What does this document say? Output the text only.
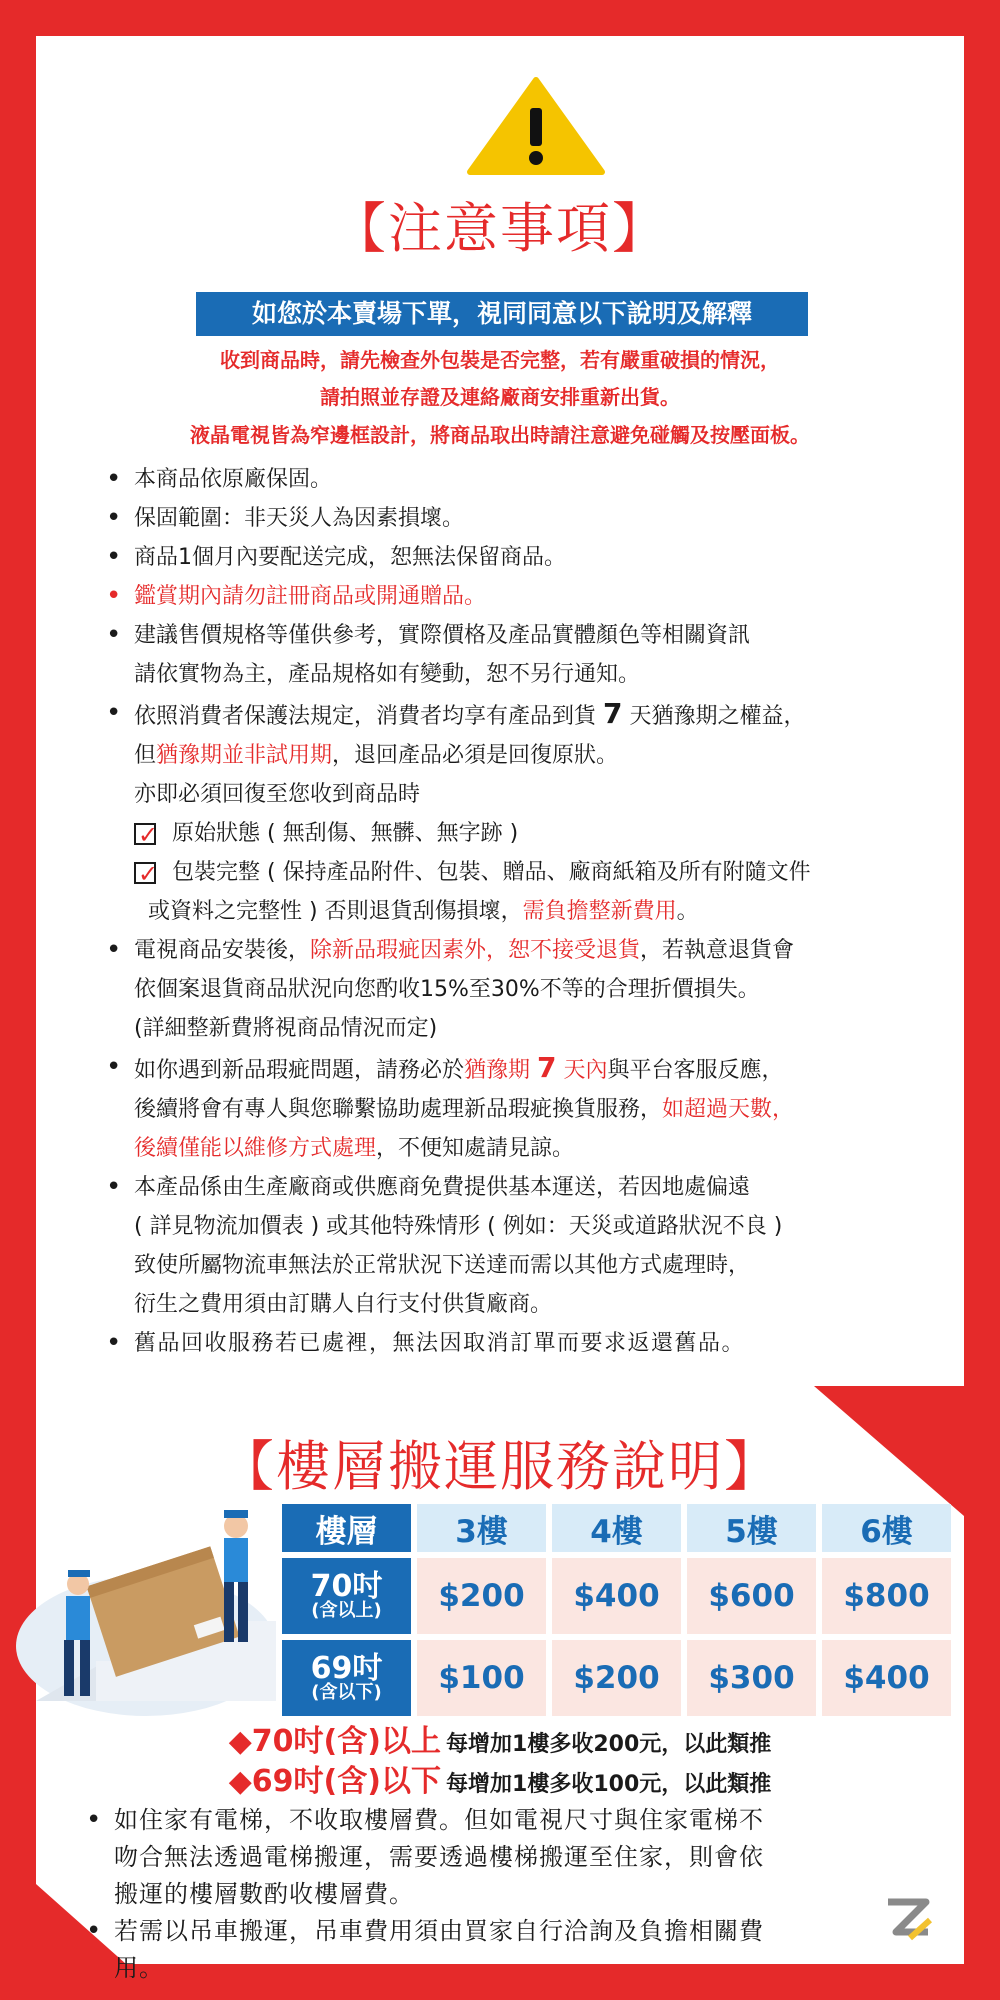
【注意事項】
如您於本賣場下單，視同同意以下說明及解釋
收到商品時，請先檢查外包裝是否完整，若有嚴重破損的情況，
請拍照並存證及連絡廠商安排重新出貨。
液晶電視皆為窄邊框設計，將商品取出時請注意避免碰觸及按壓面板。
• 本商品依原廠保固。
• 保固範圍：非天災人為因素損壞。
• 商品1個月內要配送完成，恕無法保留商品。
• 鑑賞期內請勿註冊商品或開通贈品。
• 建議售價規格等僅供參考，實際價格及產品實體顏色等相關資訊
請依實物為主，產品規格如有變動，恕不另行通知。
• 依照消費者保護法規定，消費者均享有產品到貨 7 天猶豫期之權益，
但猶豫期並非試用期，退回產品必須是回復原狀。
亦即必須回復至您收到商品時
✓ 原始狀態 ( 無刮傷、無髒、無字跡 )
✓ 包裝完整 ( 保持產品附件、包裝、贈品、廠商紙箱及所有附隨文件
或資料之完整性 ) 否則退貨刮傷損壞，需負擔整新費用。
• 電視商品安裝後，除新品瑕疵因素外，恕不接受退貨，若執意退貨會
依個案退貨商品狀況向您酌收15%至30%不等的合理折價損失。
(詳細整新費將視商品情況而定)
• 如你遇到新品瑕疵問題，請務必於猶豫期 7 天內與平台客服反應，
後續將會有專人與您聯繫協助處理新品瑕疵換貨服務，如超過天數，
後續僅能以維修方式處理，不便知處請見諒。
• 本產品係由生產廠商或供應商免費提供基本運送，若因地處偏遠
( 詳見物流加價表 ) 或其他特殊情形 ( 例如：天災或道路狀況不良 )
致使所屬物流車無法於正常狀況下送達而需以其他方式處理時，
衍生之費用須由訂購人自行支付供貨廠商。
• 舊品回收服務若已處裡，無法因取消訂單而要求返還舊品。
【樓層搬運服務說明】
樓層	3樓	4樓	5樓	6樓
70吋
(含以上)	$200	$400	$600	$800
69吋
(含以下)	$100	$200	$300	$400
◆70吋(含)以上 每增加1樓多收200元，以此類推
◆69吋(含)以下 每增加1樓多收100元，以此類推
• 如住家有電梯，不收取樓層費。但如電視尺寸與住家電梯不
吻合無法透過電梯搬運，需要透過樓梯搬運至住家，則會依
搬運的樓層數酌收樓層費。
• 若需以吊車搬運，吊車費用須由買家自行洽詢及負擔相關費
用。
